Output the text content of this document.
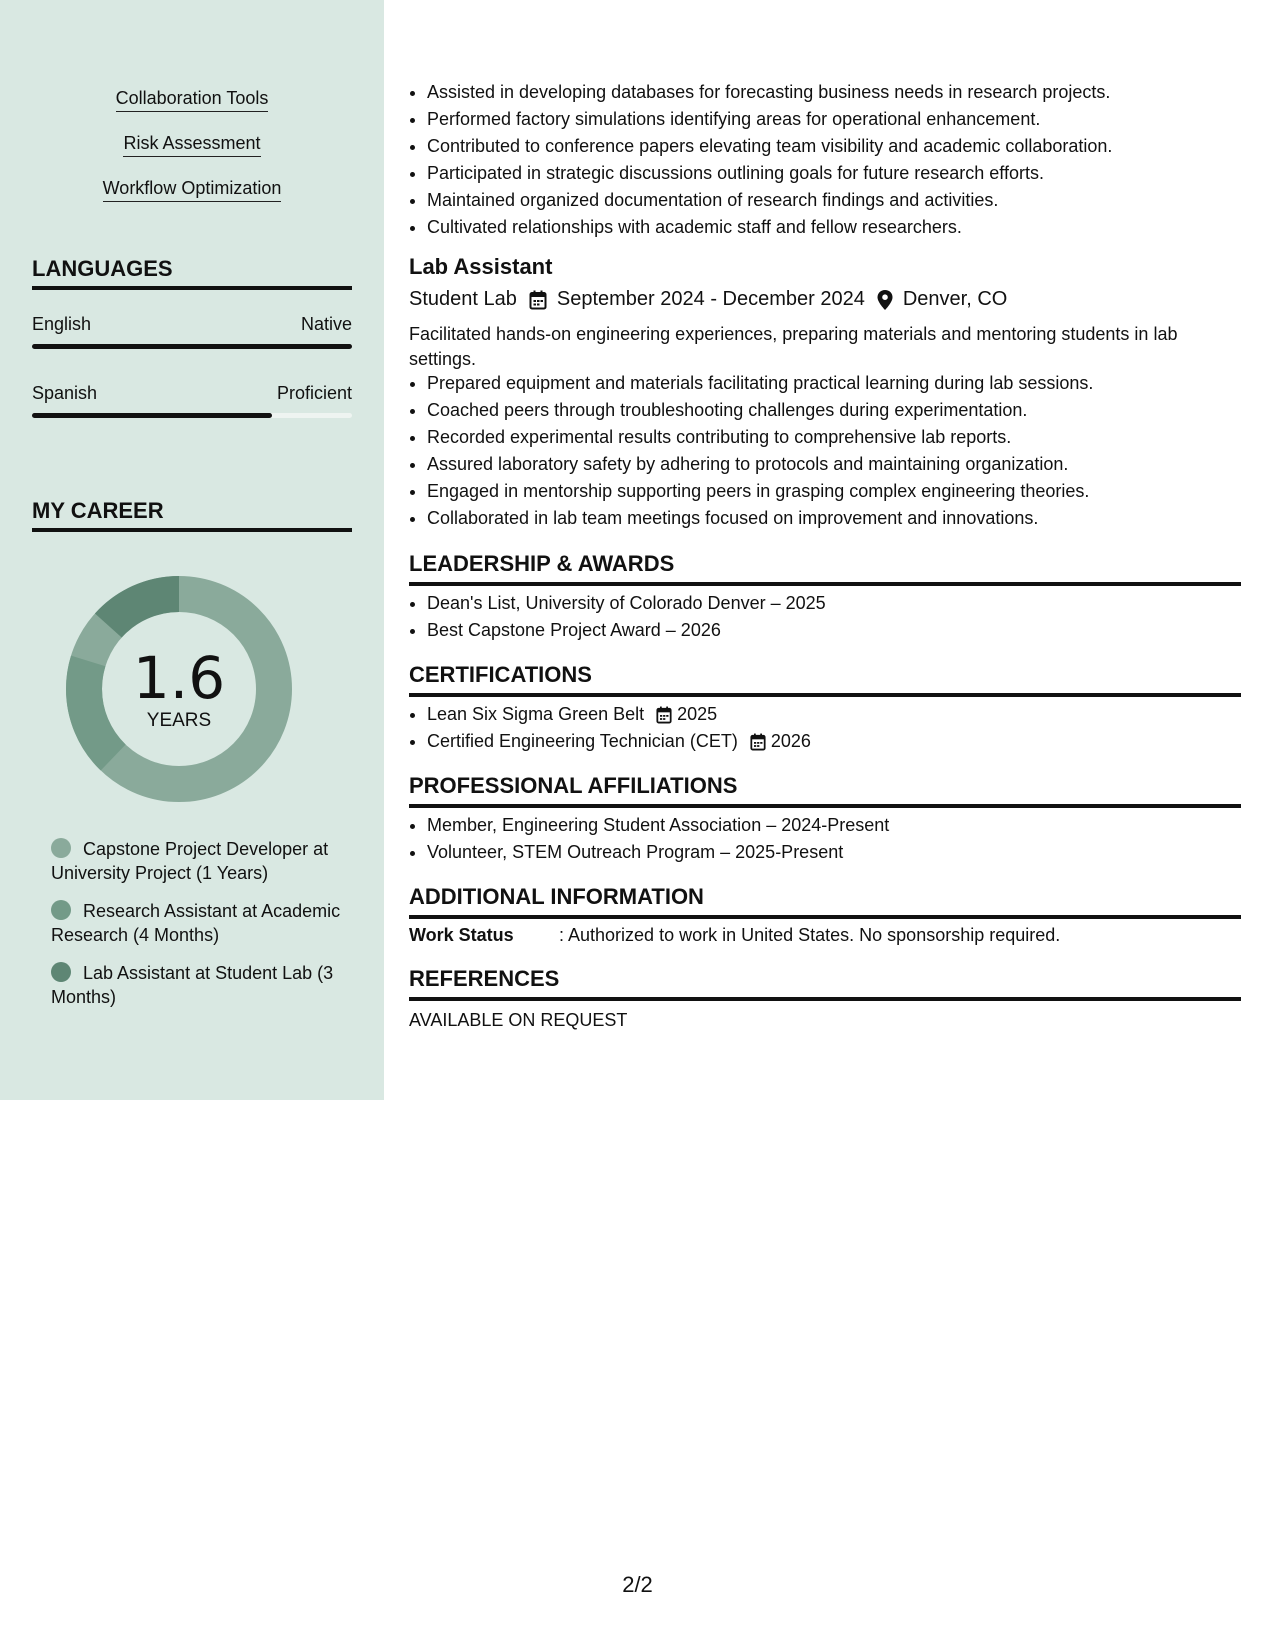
Collaboration Tools
Risk Assessment
Workflow Optimization
LANGUAGES
English	Native
Spanish	Proficient
MY CAREER
1.6
YEARS
Capstone Project Developer at University Project (1 Years)
Research Assistant at Academic Research (4 Months)
Lab Assistant at Student Lab (3 Months)
• Assisted in developing databases for forecasting business needs in research projects.
• Performed factory simulations identifying areas for operational enhancement.
• Contributed to conference papers elevating team visibility and academic collaboration.
• Participated in strategic discussions outlining goals for future research efforts.
• Maintained organized documentation of research findings and activities.
• Cultivated relationships with academic staff and fellow researchers.
Lab Assistant
Student Lab September 2024 - December 2024 Denver, CO
Facilitated hands-on engineering experiences, preparing materials and mentoring students in lab settings.
• Prepared equipment and materials facilitating practical learning during lab sessions.
• Coached peers through troubleshooting challenges during experimentation.
• Recorded experimental results contributing to comprehensive lab reports.
• Assured laboratory safety by adhering to protocols and maintaining organization.
• Engaged in mentorship supporting peers in grasping complex engineering theories.
• Collaborated in lab team meetings focused on improvement and innovations.
LEADERSHIP & AWARDS
• Dean's List, University of Colorado Denver – 2025
• Best Capstone Project Award – 2026
CERTIFICATIONS
• Lean Six Sigma Green Belt 2025
• Certified Engineering Technician (CET) 2026
PROFESSIONAL AFFILIATIONS
• Member, Engineering Student Association – 2024-Present
• Volunteer, STEM Outreach Program – 2025-Present
ADDITIONAL INFORMATION
Work Status	: Authorized to work in United States. No sponsorship required.
REFERENCES
AVAILABLE ON REQUEST
2/2
